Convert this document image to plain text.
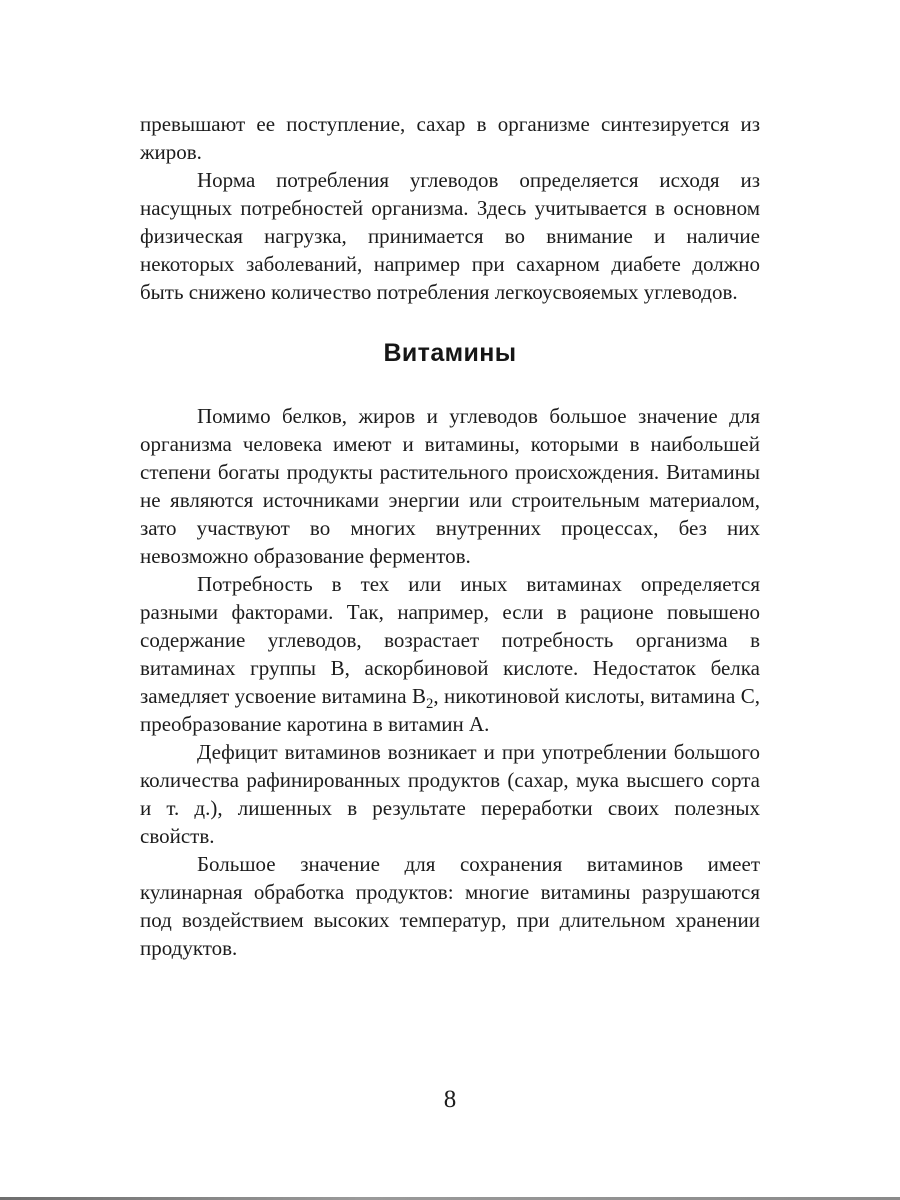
превышают ее поступление, сахар в организме синтезируется из жиров.

Норма потребления углеводов определяется исходя из насущных потребностей организма. Здесь учитывается в основном физическая нагрузка, принимается во внимание и наличие некоторых заболеваний, например при сахарном диабете должно быть снижено количество потребления легкоусвояемых углеводов.

Витамины

Помимо белков, жиров и углеводов большое значение для организма человека имеют и витамины, которыми в наибольшей степени богаты продукты растительного происхождения. Витамины не являются источниками энергии или строительным материалом, зато участвуют во многих внутренних процессах, без них невозможно образование ферментов.

Потребность в тех или иных витаминах определяется разными факторами. Так, например, если в рационе повышено содержание углеводов, возрастает потребность организма в витаминах группы В, аскорбиновой кислоте. Недостаток белка замедляет усвоение витамина $В_2$, никотиновой кислоты, витамина С, преобразование каротина в витамин А.

Дефицит витаминов возникает и при употреблении большого количества рафинированных продуктов (сахар, мука высшего сорта и т. д.), лишенных в результате переработки своих полезных свойств.

Большое значение для сохранения витаминов имеет кулинарная обработка продуктов: многие витамины разрушаются под воздействием высоких температур, при длительном хранении продуктов.

8
